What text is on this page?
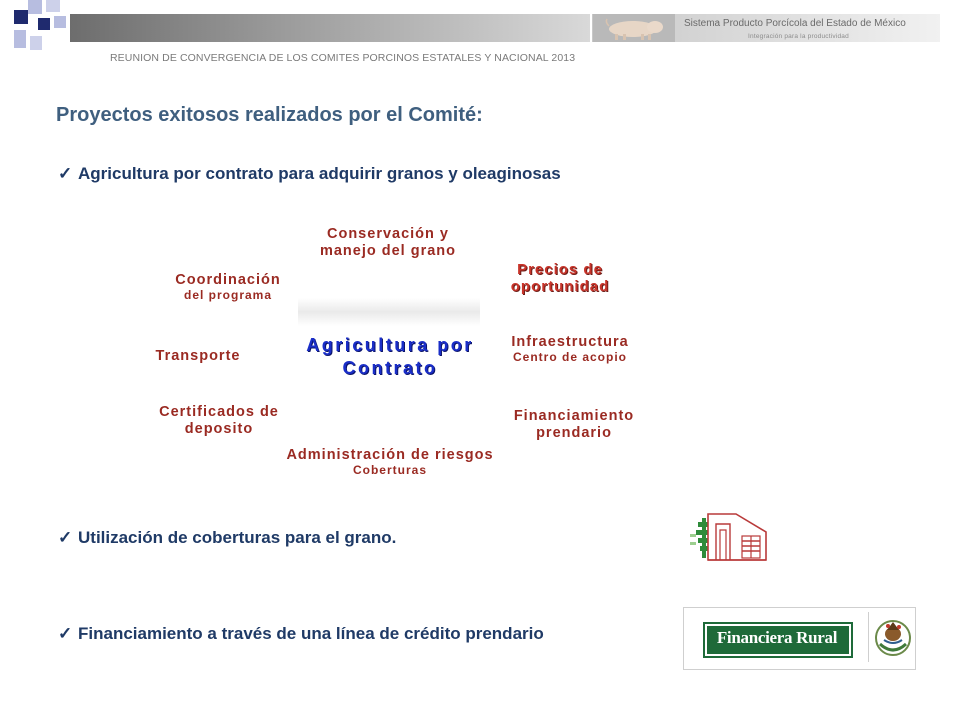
Sistema Producto Porcícola del Estado de México
Integración para la productividad
REUNION DE CONVERGENCIA DE LOS COMITES PORCINOS ESTATALES Y NACIONAL 2013
Proyectos exitosos realizados por el Comité:
✓ Agricultura por contrato para adquirir granos y oleaginosas
✓ Utilización de coberturas para el grano.
✓ Financiamiento a través de una línea de crédito prendario
Agricultura por
Contrato
Conservación y
manejo del grano
Precios de
oportunidad
Coordinación
del programa
Transporte
Infraestructura
Centro de acopio
Certificados de
deposito
Financiamiento
prendario
Administración de riesgos
Coberturas
Financiera Rural
